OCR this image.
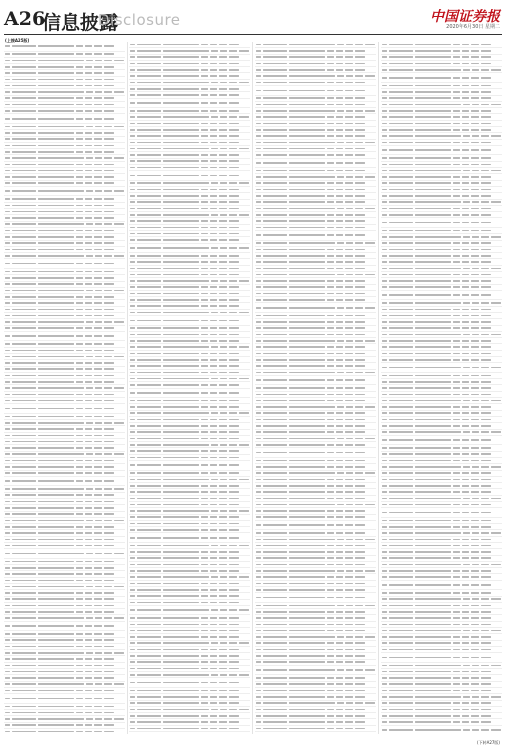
A26
信息披露
Disclosure	中国证券报
2020年6月30日 星期二
(上接A25版)
(下转A27版)
